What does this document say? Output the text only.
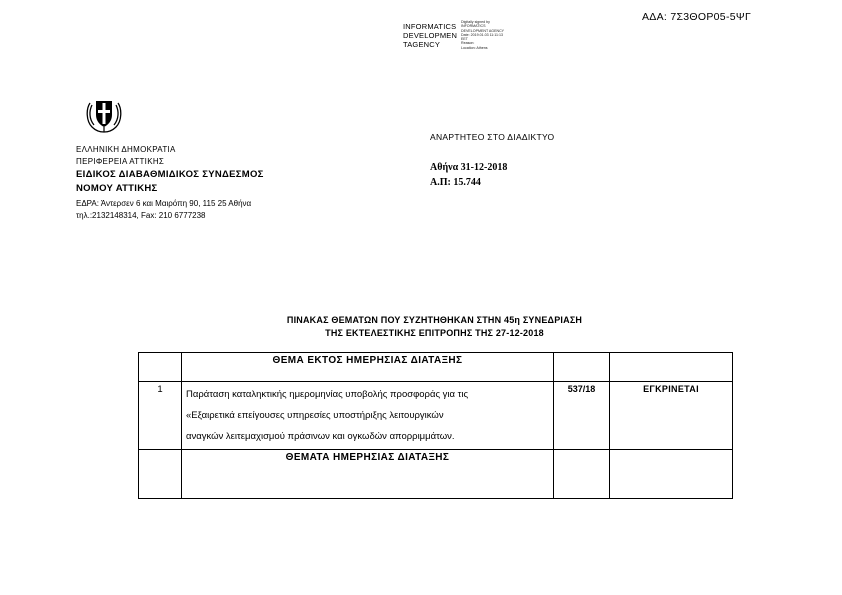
ΑΔΑ: 7Σ3ΘΟΡ05-5ΨΓ
INFORMATICS
DEVELOPMEN
TAGENCY
Digitally signed by
INFORMATICS
DEVELOPMENT AGENCY
Date: 2019.01.03 11:11:13
EET
Reason:
Location: Athens
ΕΛΛΗΝΙΚΗ ΔΗΜΟΚΡΑΤΙΑ
ΠΕΡΙΦΕΡΕΙΑ ΑΤΤΙΚΗΣ
ΕΙΔΙΚΟΣ ΔΙΑΒΑΘΜΙΔΙΚΟΣ ΣΥΝΔΕΣΜΟΣ
ΝΟΜΟΥ ΑΤΤΙΚΗΣ
ΕΔΡΑ: Άντερσεν 6 και Μαιρόπη 90, 115 25 Αθήνα
τηλ.:2132148314, Fax: 210 6777238
ΑΝΑΡΤΗΤΕΟ ΣΤΟ ΔΙΑΔΙΚΤΥΟ
Αθήνα 31-12-2018
Α.Π: 15.744
ΠΙΝΑΚΑΣ ΘΕΜΑΤΩΝ ΠΟΥ ΣΥΖΗΤΗΘΗΚΑΝ ΣΤΗΝ 45η ΣΥΝΕΔΡΙΑΣΗ
ΤΗΣ ΕΚΤΕΛΕΣΤΙΚΗΣ ΕΠΙΤΡΟΠΗΣ ΤΗΣ 27-12-2018
	ΘΕΜΑ ΕΚΤΟΣ ΗΜΕΡΗΣΙΑΣ ΔΙΑΤΑΞΗΣ		
1	Παράταση καταληκτικής ημερομηνίας υποβολής προσφοράς για τις
«Εξαιρετικά επείγουσες υπηρεσίες υποστήριξης λειτουργικών
αναγκών λειτεμαχισμού πράσινων και ογκωδών απορριμμάτων.	537/18	ΕΓΚΡΙΝΕΤΑΙ
	ΘΕΜΑΤΑ ΗΜΕΡΗΣΙΑΣ ΔΙΑΤΑΞΗΣ		
